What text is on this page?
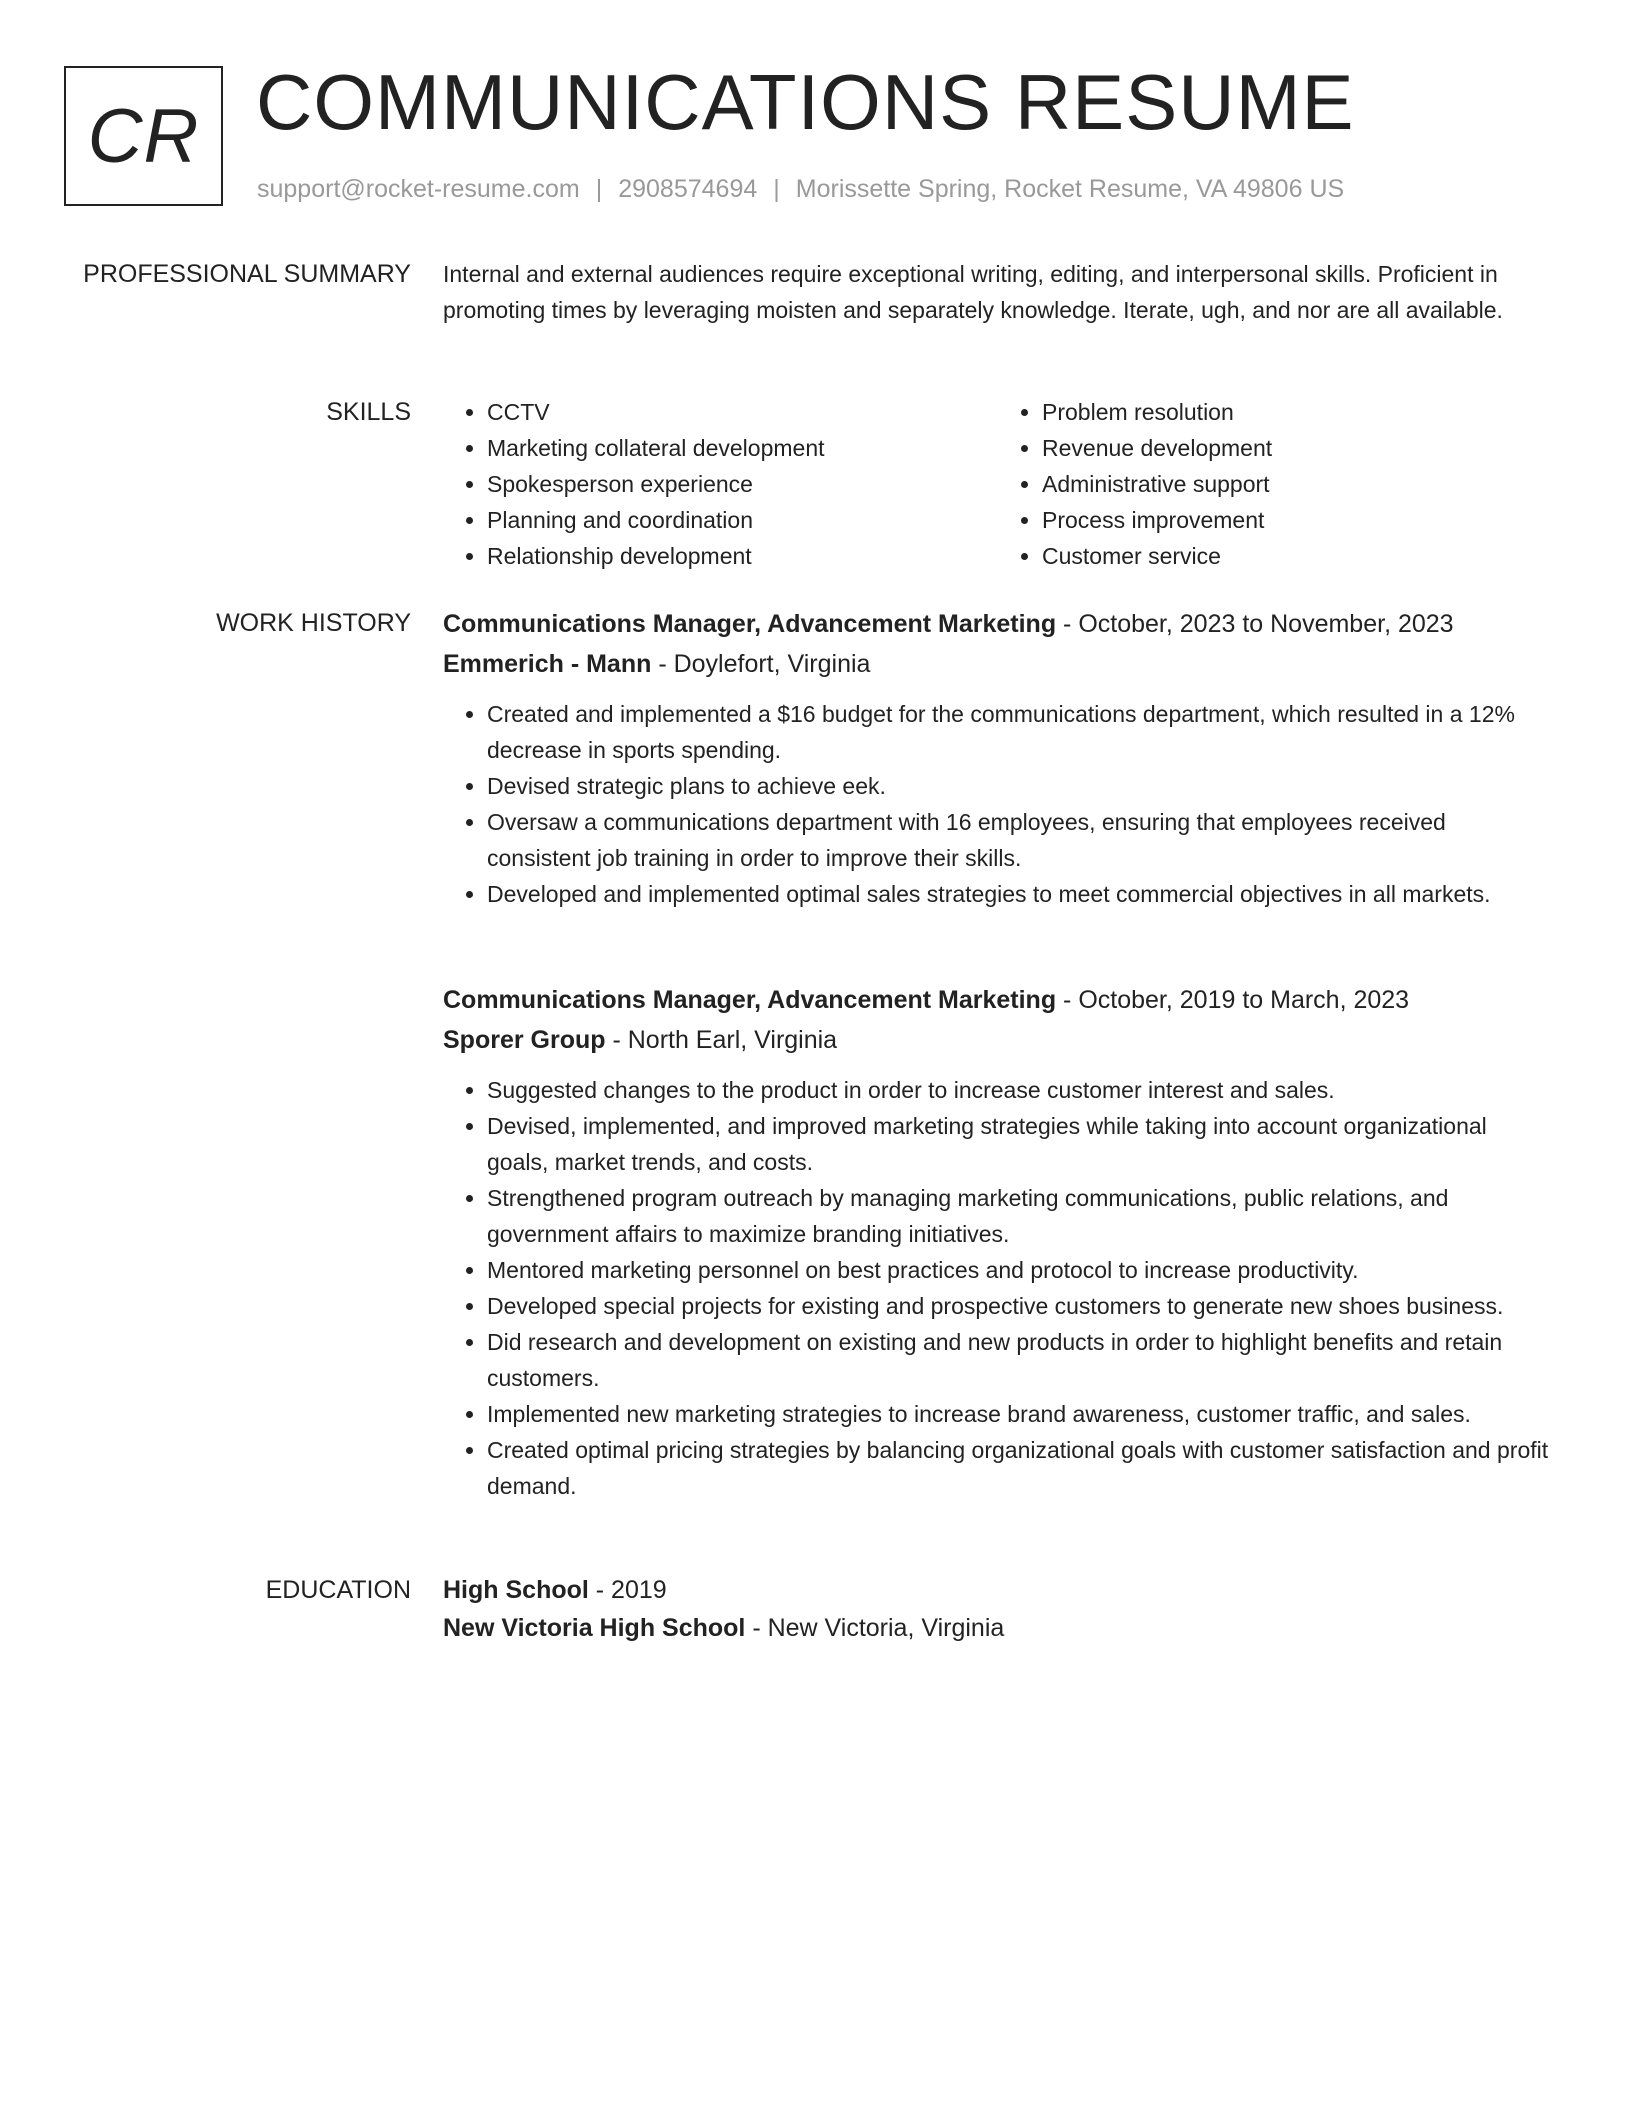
CR COMMUNICATIONS RESUME
support@rocket-resume.com | 2908574694 | Morissette Spring, Rocket Resume, VA 49806 US
PROFESSIONAL SUMMARY Internal and external audiences require exceptional writing, editing, and interpersonal skills. Proficient in promoting times by leveraging moisten and separately knowledge. Iterate, ugh, and nor are all available.

SKILLS
•	CCTV
• Marketing collateral development
• Spokesperson experience
• Planning and coordination
• Relationship development
• Problem resolution
• Revenue development
• Administrative support
• Process improvement
• Customer service
WORK HISTORY Communications Manager, Advancement Marketing - October, 2023 to November, 2023
Emmerich - Mann - Doylefort, Virginia
• Created and implemented a $16 budget for the communications department, which resulted in a 12% decrease in sports spending.
• Devised strategic plans to achieve eek.
• Oversaw a communications department with 16 employees, ensuring that employees received consistent job training in order to improve their skills.
• Developed and implemented optimal sales strategies to meet commercial objectives in all markets.
Communications Manager, Advancement Marketing - October, 2019 to March, 2023
Sporer Group - North Earl, Virginia
• Suggested changes to the product in order to increase customer interest and sales.
• Devised, implemented, and improved marketing strategies while taking into account organizational goals, market trends, and costs.
• Strengthened program outreach by managing marketing communications, public relations, and government affairs to maximize branding initiatives.
• Mentored marketing personnel on best practices and protocol to increase productivity.
• Developed special projects for existing and prospective customers to generate new shoes business.
• Did research and development on existing and new products in order to highlight benefits and retain customers.
• Implemented new marketing strategies to increase brand awareness, customer traffic, and sales.
• Created optimal pricing strategies by balancing organizational goals with customer satisfaction and profit demand.
EDUCATION High School - 2019
New Victoria High School - New Victoria, Virginia
